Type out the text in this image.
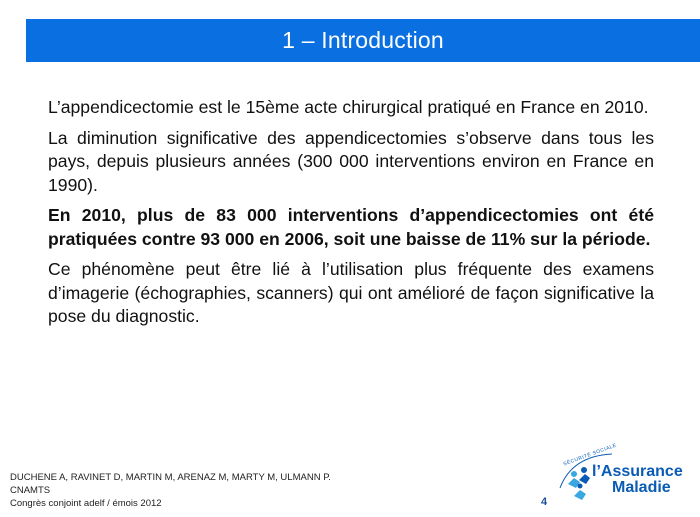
1 – Introduction

L’appendicectomie est le 15ème acte chirurgical pratiqué en France en 2010.

La diminution significative des appendicectomies s’observe dans tous les pays, depuis plusieurs années (300 000 interventions environ en France en 1990).

En 2010, plus de 83 000 interventions d’appendicectomies ont été pratiquées contre 93 000 en 2006, soit une baisse de 11% sur la période.

Ce phénomène peut être lié à l’utilisation plus fréquente des examens d’imagerie (échographies, scanners) qui ont amélioré de façon significative la pose du diagnostic.

DUCHENE A, RAVINET D, MARTIN M, ARENAZ M, MARTY M, ULMANN P.
CNAMTS
Congrès conjoint adelf / émois 2012	4
SÉCURITÉ SOCIALE
l’Assurance
Maladie
